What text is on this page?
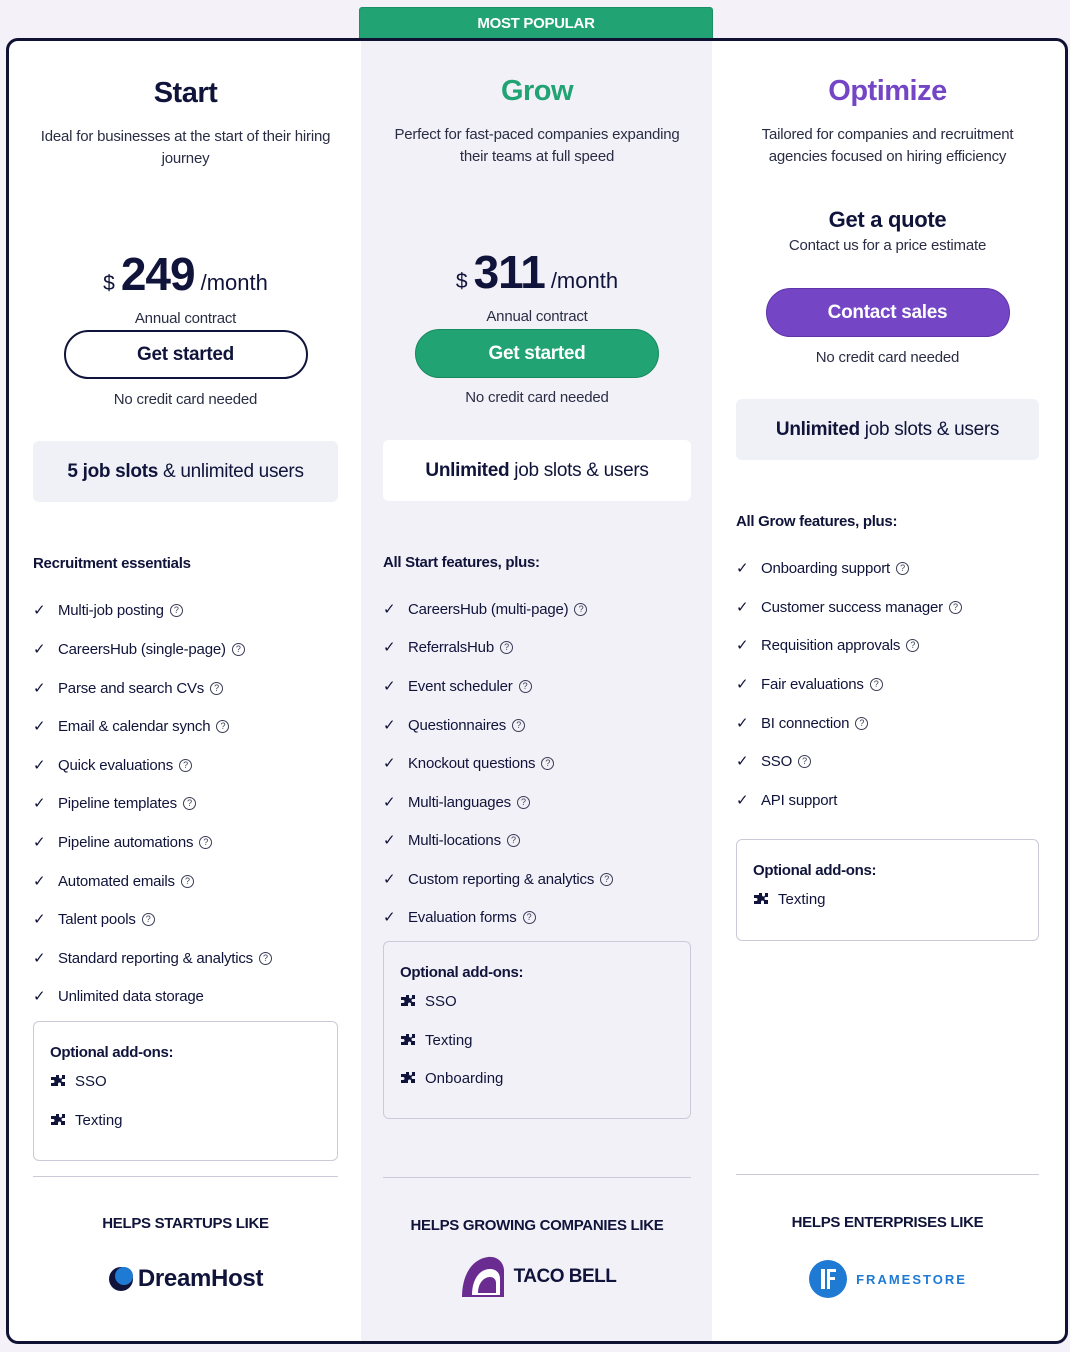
MOST POPULAR
Start
Ideal for businesses at the start of their hiring journey
$ 249 /month
Annual contract
Get started
No credit card needed
5 job slots & unlimited users
Recruitment essentials
✓ Multi-job posting	?
✓ CareersHub (single-page)	?
✓ Parse and search CVs	?
✓ Email & calendar synch	?
✓ Quick evaluations	?
✓ Pipeline templates	?
✓ Pipeline automations	?
✓ Automated emails	?
✓ Talent pools	?
✓ Standard reporting & analytics	?
✓ Unlimited data storage
Optional add-ons:
SSO
Texting
HELPS STARTUPS LIKE
DreamHost
Grow
Perfect for fast-paced companies expanding their teams at full speed
$ 311 /month
Annual contract
Get started
No credit card needed
Unlimited job slots & users
All Start features, plus:
✓ CareersHub (multi-page)	?
✓ ReferralsHub	?
✓ Event scheduler	?
✓ Questionnaires	?
✓ Knockout questions	?
✓ Multi-languages	?
✓ Multi-locations	?
✓ Custom reporting & analytics	?
✓ Evaluation forms	?
Optional add-ons:
SSO
Texting
Onboarding
HELPS GROWING COMPANIES LIKE
TACO BELL
Optimize
Tailored for companies and recruitment agencies focused on hiring efficiency
Get a quote
Contact us for a price estimate
Contact sales
No credit card needed
Unlimited job slots & users
All Grow features, plus:
✓ Onboarding support	?
✓ Customer success manager	?
✓ Requisition approvals	?
✓ Fair evaluations	?
✓ BI connection	?
✓ SSO	?
✓ API support
Optional add-ons:
Texting
HELPS ENTERPRISES LIKE
FRAMESTORE
